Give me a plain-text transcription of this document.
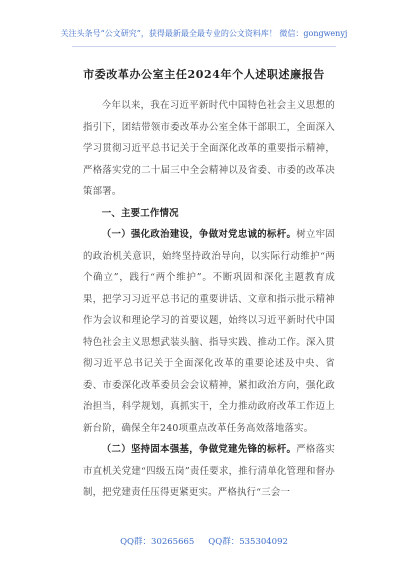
关注头条号“公文研究”，获得最新最全最专业的公文资料库！ 微信：gongwenyj
市委改革办公室主任2024年个人述职述廉报告

今年以来，我在习近平新时代中国特色社会主义思想的指引下，团结带领市委改革办公室全体干部职工，全面深入学习贯彻习近平总书记关于全面深化改革的重要指示精神，严格落实党的二十届三中全会精神以及省委、市委的改革决策部署。

一、主要工作情况

（一）强化政治建设，争做对党忠诚的标杆。树立牢固的政治机关意识，始终坚持政治导向，以实际行动维护“两个确立”，践行“两个维护”。不断巩固和深化主题教育成果，把学习习近平总书记的重要讲话、文章和指示批示精神作为会议和理论学习的首要议题，始终以习近平新时代中国特色社会主义思想武装头脑、指导实践、推动工作。深入贯彻习近平总书记关于全面深化改革的重要论述及中央、省委、市委深化改革委员会会议精神，紧扣政治方向，强化政治担当，科学规划，真抓实干，全力推动政府改革工作迈上新台阶，确保全年240项重点改革任务高效落地落实。

（二）坚持固本强基，争做党建先锋的标杆。严格落实市直机关党建“四级五岗”责任要求，推行清单化管理和督办制，把党建责任压得更紧更实。严格执行“三会一

QQ群：30265665 QQ群：535304092
